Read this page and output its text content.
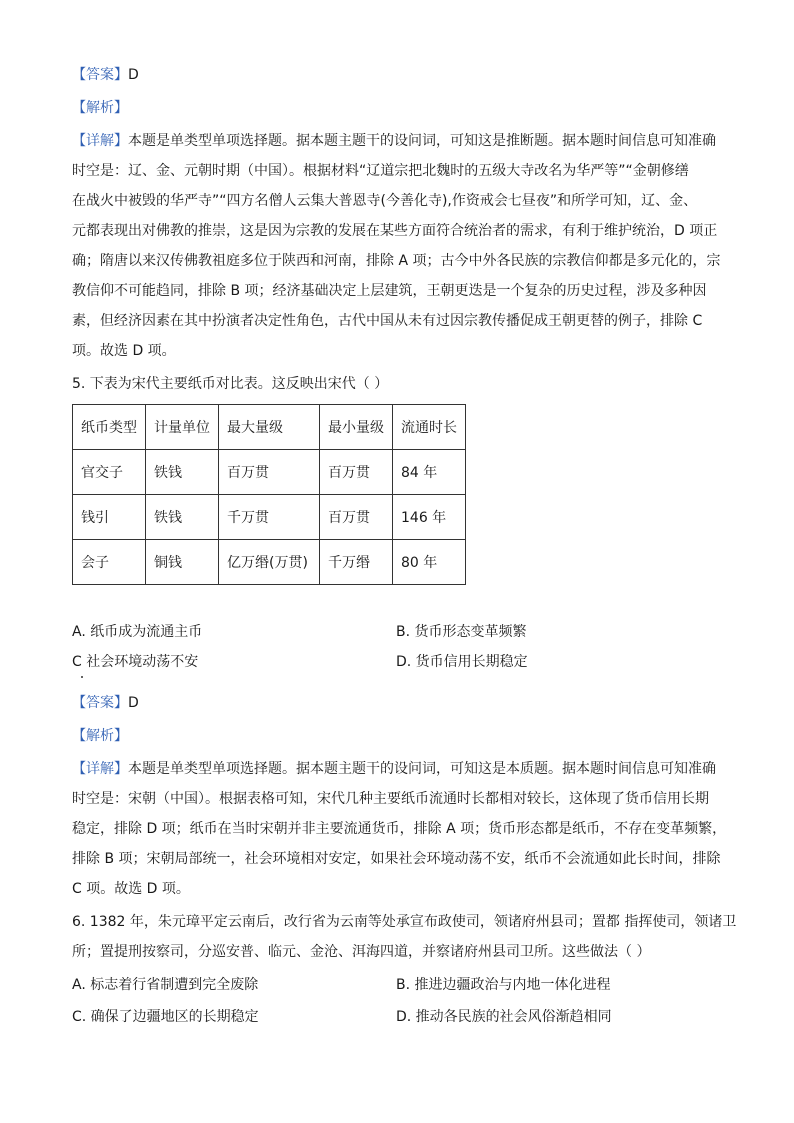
【答案】D
【解析】
【详解】本题是单类型单项选择题。据本题主题干的设问词，可知这是推断题。据本题时间信息可知准确
时空是：辽、金、元朝时期（中国）。根据材料“辽道宗把北魏时的五级大寺改名为华严等”“金朝修缮
在战火中被毁的华严寺”“四方名僧人云集大普恩寺(今善化寺),作资戒会七昼夜”和所学可知，辽、金、
元都表现出对佛教的推崇，这是因为宗教的发展在某些方面符合统治者的需求，有利于维护统治，D 项正
确；隋唐以来汉传佛教祖庭多位于陕西和河南，排除 A 项；古今中外各民族的宗教信仰都是多元化的，宗
教信仰不可能趋同，排除 B 项；经济基础决定上层建筑，王朝更迭是一个复杂的历史过程，涉及多种因
素，但经济因素在其中扮演者决定性角色，古代中国从未有过因宗教传播促成王朝更替的例子，排除 C
项。故选 D 项。
5. 下表为宋代主要纸币对比表。这反映出宋代（ ）
纸币类型	计量单位	最大量级	最小量级	流通时长
官交子	铁钱	百万贯	百万贯	84 年
钱引	铁钱	千万贯	百万贯	146 年
会子	铜钱	亿万缗(万贯)	千万缗	80 年
A. 纸币成为流通主币	B. 货币形态变革频繁
C 社会环境动荡不安	D. 货币信用长期稳定
【答案】D
【解析】
【详解】本题是单类型单项选择题。据本题主题干的设问词，可知这是本质题。据本题时间信息可知准确
时空是：宋朝（中国）。根据表格可知，宋代几种主要纸币流通时长都相对较长，这体现了货币信用长期
稳定，排除 D 项；纸币在当时宋朝并非主要流通货币，排除 A 项；货币形态都是纸币，不存在变革频繁，
排除 B 项；宋朝局部统一，社会环境相对安定，如果社会环境动荡不安，纸币不会流通如此长时间，排除
C 项。故选 D 项。
6. 1382 年，朱元璋平定云南后，改行省为云南等处承宣布政使司，领诸府州县司；置都 指挥使司，领诸卫
所；置提刑按察司，分巡安普、临元、金沧、洱海四道，并察诸府州县司卫所。这些做法（ ）
A. 标志着行省制遭到完全废除	B. 推进边疆政治与内地一体化进程
C. 确保了边疆地区的长期稳定	D. 推动各民族的社会风俗渐趋相同
